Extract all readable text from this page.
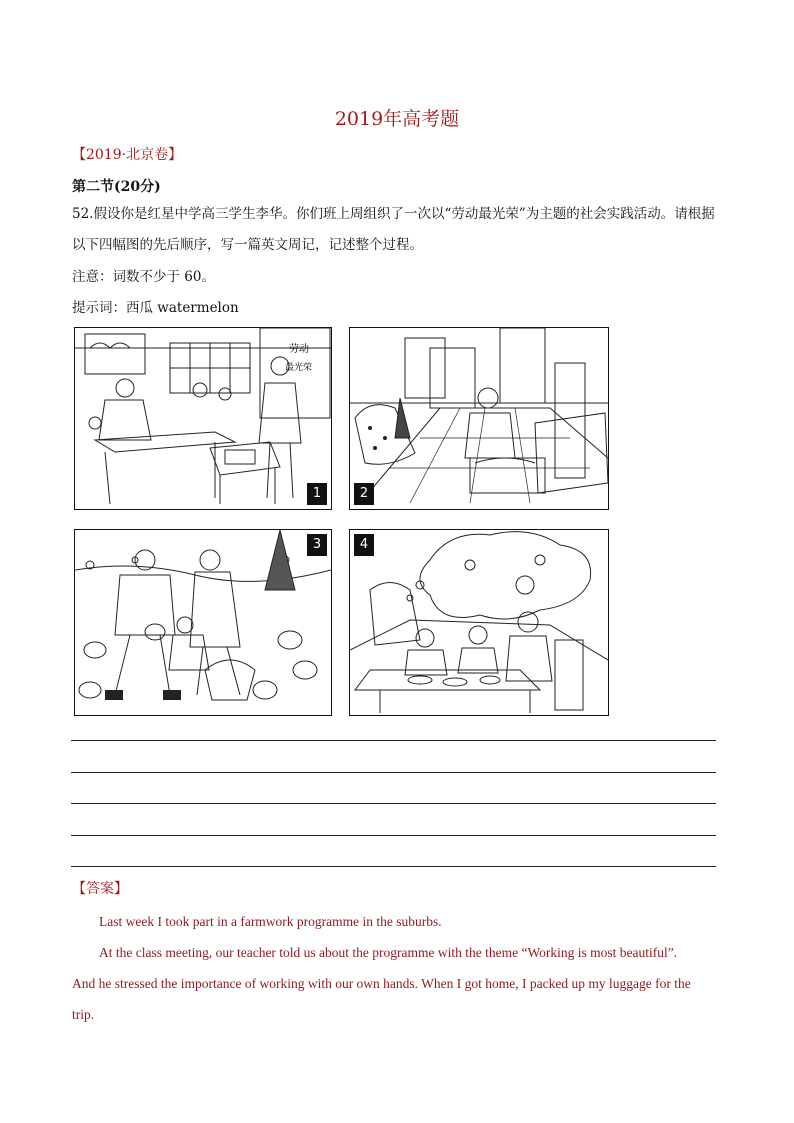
2019年高考题
【2019·北京卷】
第二节(20分)
52.假设你是红星中学高三学生李华。你们班上周组织了一次以“劳动最光荣”为主题的社会实践活动。请根据以下四幅图的先后顺序，写一篇英文周记，记述整个过程。
注意：词数不少于 60。
提示词：西瓜 watermelon
劳动
最光荣
1	2
3	4
【答案】
Last week I took part in a farmwork programme in the suburbs.
At the class meeting, our teacher told us about the programme with the theme “Working is most beautiful”.
And he stressed the importance of working with our own hands. When I got home, I packed up my luggage for the
trip.
